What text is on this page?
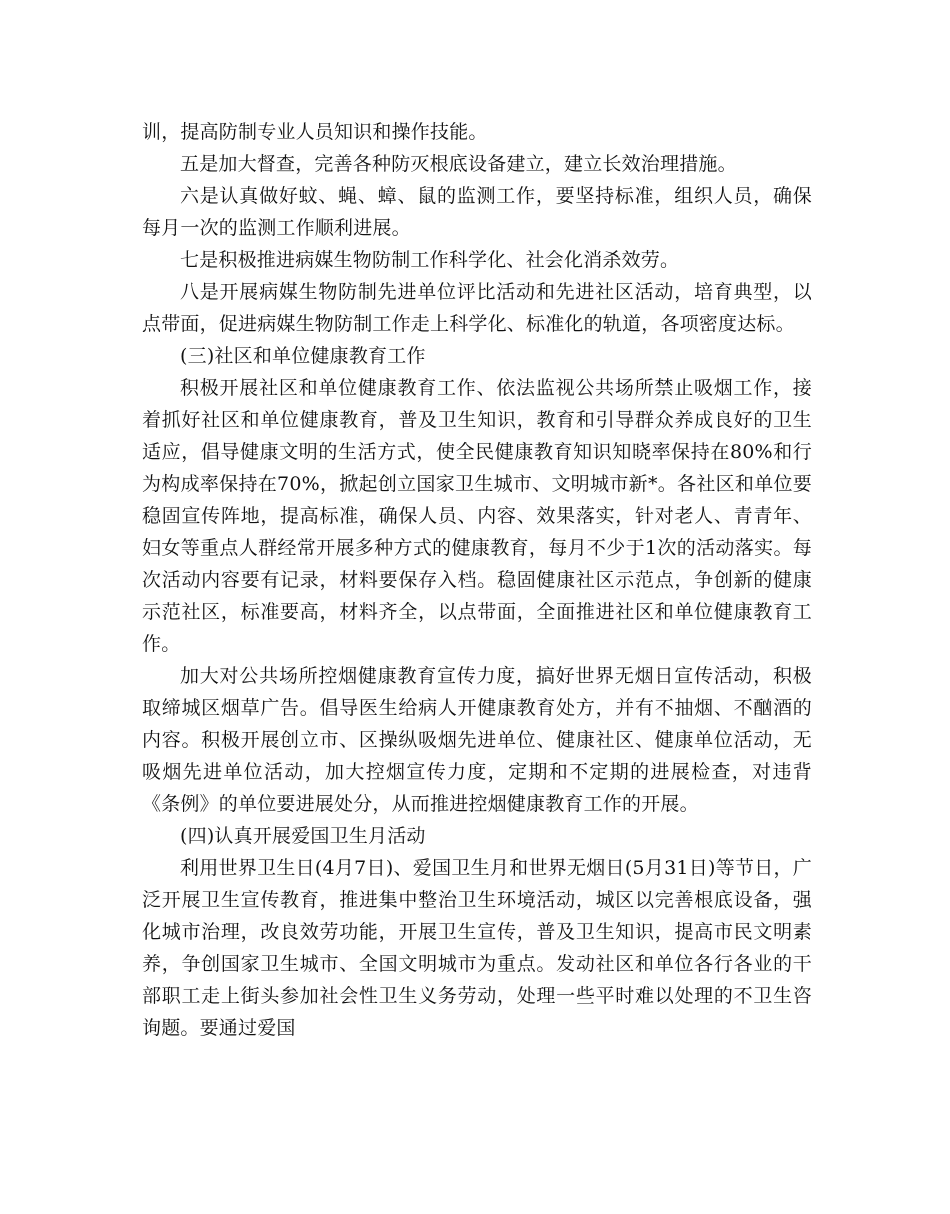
训，提高防制专业人员知识和操作技能。

五是加大督查，完善各种防灭根底设备建立，建立长效治理措施。

六是认真做好蚊、蝇、蟑、鼠的监测工作，要坚持标准，组织人员，确保每月一次的监测工作顺利进展。

七是积极推进病媒生物防制工作科学化、社会化消杀效劳。

八是开展病媒生物防制先进单位评比活动和先进社区活动，培育典型，以点带面，促进病媒生物防制工作走上科学化、标准化的轨道，各项密度达标。

(三)社区和单位健康教育工作

积极开展社区和单位健康教育工作、依法监视公共场所禁止吸烟工作，接着抓好社区和单位健康教育，普及卫生知识，教育和引导群众养成良好的卫生适应，倡导健康文明的生活方式，使全民健康教育知识知晓率保持在80%和行为构成率保持在70%，掀起创立国家卫生城市、文明城市新*。各社区和单位要稳固宣传阵地，提高标准，确保人员、内容、效果落实，针对老人、青青年、妇女等重点人群经常开展多种方式的健康教育，每月不少于1次的活动落实。每次活动内容要有记录，材料要保存入档。稳固健康社区示范点，争创新的健康示范社区，标准要高，材料齐全，以点带面，全面推进社区和单位健康教育工作。

加大对公共场所控烟健康教育宣传力度，搞好世界无烟日宣传活动，积极取缔城区烟草广告。倡导医生给病人开健康教育处方，并有不抽烟、不酗酒的内容。积极开展创立市、区操纵吸烟先进单位、健康社区、健康单位活动，无吸烟先进单位活动，加大控烟宣传力度，定期和不定期的进展检查，对违背《条例》的单位要进展处分，从而推进控烟健康教育工作的开展。

(四)认真开展爱国卫生月活动

利用世界卫生日(4月7日)、爱国卫生月和世界无烟日(5月31日)等节日，广泛开展卫生宣传教育，推进集中整治卫生环境活动，城区以完善根底设备，强化城市治理，改良效劳功能，开展卫生宣传，普及卫生知识，提高市民文明素养，争创国家卫生城市、全国文明城市为重点。发动社区和单位各行各业的干部职工走上街头参加社会性卫生义务劳动，处理一些平时难以处理的不卫生咨询题。要通过爱国
